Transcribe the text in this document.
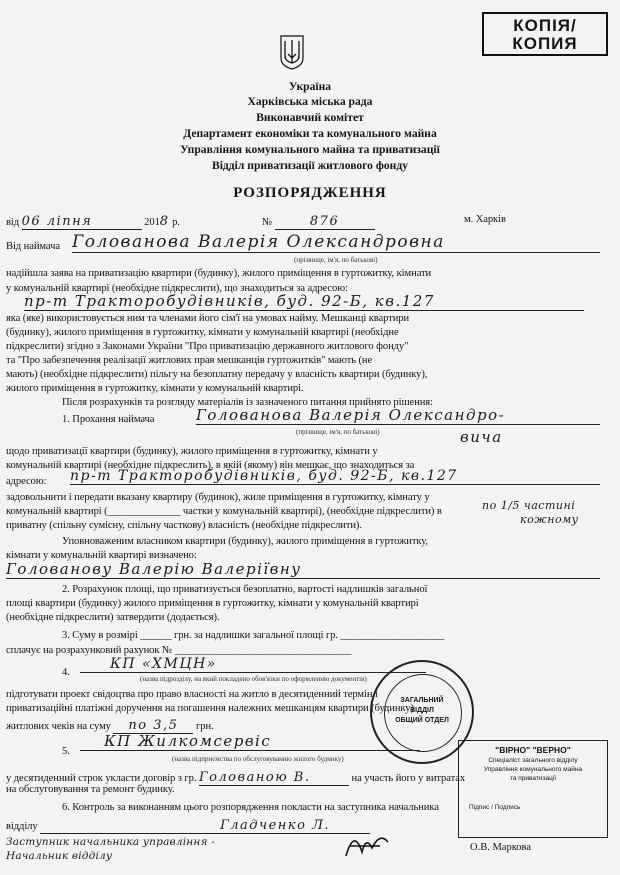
КОПІЯ/
КОПИЯ
Україна
Харківська міська рада
Виконавчий комітет
Департамент економіки та комунального майна
Управління комунального майна та приватизації
Відділ приватизації житлового фонду
РОЗПОРЯДЖЕННЯ
від 06 ліпня	2018 р.	№	876	м. Харків
Від наймача Голованова Валерія Олександровна
(прізвище, ім'я, по батькові)
надійшла заява на приватизацію квартири (будинку), жилого приміщення в гуртожитку, кімнати
у комунальній квартирі (необхідне підкреслити), що знаходиться за адресою:
пр-т Тракторобудівників, буд. 92-Б, кв.127
яка (яке) використовується ним та членами його сім'ї на умовах найму. Мешканці квартири
(будинку), жилого приміщення в гуртожитку, кімнати у комунальній квартирі (необхідне
підкреслити) згідно з Законами України "Про приватизацію державного житлового фонду"
та "Про забезпечення реалізації житлових прав мешканців гуртожитків" мають (не
мають) (необхідне підкреслити) пільгу на безоплатну передачу у власність квартири (будинку),
жилого приміщення в гуртожитку, кімнати у комунальній квартирі.
Після розрахунків та розгляду матеріалів із зазначеного питання прийнято рішення:
1. Прохання наймача	Голованова Валерія Олександро-
(прізвище, ім'я, по батькові)	вича
щодо приватизації квартири (будинку), жилого приміщення в гуртожитку, кімнати у
комунальній квартирі (необхідне підкреслить), в якій (якому) він мешкає, що знаходиться за
адресою: пр-т Тракторобудівників, буд. 92-Б, кв.127
задовольнити і передати вказану квартиру (будинок), жиле приміщення в гуртожитку, кімнату у
комунальній квартирі (______________ частки у комунальній квартирі), (необхідне підкреслити) в
приватну (спільну сумісну, спільну часткову) власність (необхідне підкреслити).
по 1/5 частині
кожному
Уповноваженим власником квартири (будинку), жилого приміщення в гуртожитку,
кімнати у комунальній квартирі визначено:
Голованову Валерію Валеріївну
2. Розрахунок площі, що приватизується безоплатно, вартості надлишків загальної
площі квартири (будинку) жилого приміщення в гуртожитку, кімнати у комунальній квартирі
(необхідне підкреслити) затвердити (додається).
3. Суму в розмірі ______ грн. за надлишки загальної площі гр. ____________________
сплачує на розрахунковий рахунок № __________________________________
4.
КП «ХМЦН»
(назва підрозділу, на який покладено обов'язки по оформленню документів)
підготувати проект свідоцтва про право власності на житло в десятиденний термін і
приватизаційні платіжні доручення на погашення належних мешканцям квартири (будинку)
житлових чеків на суму по 3,5 грн.
5.
КП Жилкомсервіс
(назва підприємства по обслуговуванню жилого будинку)
у десятиденний строк укласти договір з гр. Голованою В.	на участь його у витратах
на обслуговування та ремонт будинку.
6. Контроль за виконанням цього розпорядження покласти на заступника начальника
відділу	Гладченко Л.
ЗАГАЛЬНИЙ
ВІДДІЛ
ОБЩИЙ ОТДЕЛ
"ВІРНО" "ВЕРНО"
Спеціаліст загального відділу
Управління комунального майна
та приватизації
Підпис / Подпись
Заступник начальника управління -
Начальник відділу
О.В. Маркова
